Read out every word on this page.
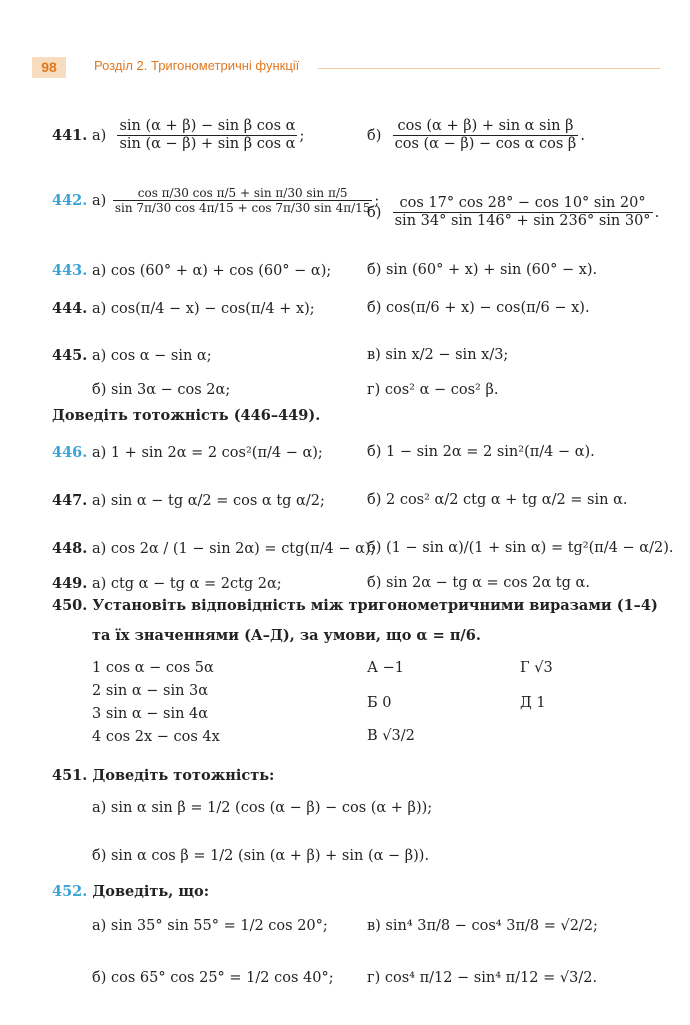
98	Розділ 2. Тригонометричні функції
441. $а) \frac{\text{sin (α + β) − sin β cos α}}{\text{sin (α − β) + sin β cos α}}$ ;	$б) \frac{\text{cos (α + β) + sin α sin β}}{\text{cos (α − β) − cos α cos β}}$ .
442. $а) \frac{\text{cos π/30 cos π/5 + sin π/30 sin π/5}}{\sin 7\pi/30 \cos 4\pi/15 + \cos 7\pi/30 \sin 4\pi/15}$ ;
$б) \frac{\cos 17^\circ \cos 28^\circ - \cos 10^\circ \sin 20^\circ}{\sin 34^\circ \sin 146^\circ + \sin 236^\circ \sin 30^\circ}$ .
443. а) cos (60° + α) + cos (60° − α); б) sin (60° + x) + sin (60° − x).
444. а) cos(π/4 − x) − cos(π/4 + x);	б) cos(π/6 + x) − cos(π/6 − x).
445. а) cos α − sin α;	в) sin x/2 − sin x/3;
б) sin 3α − cos 2α;	г) cos² α − cos² β.
Доведіть тотожність (446–449).
446. а) 1 + sin 2α = 2 cos²(π/4 − α);	б) 1 − sin 2α = 2 sin²(π/4 − α).
447. а) sin α − tg α/2 = cos α tg α/2;	б) 2 cos² α/2 ctg α + tg α/2 = sin α.
448. а) cos 2α / (1 − sin 2α) = ctg(π/4 − α);
б) (1 − sin α)/(1 + sin α) = tg²(π/4 − α/2).
449. а) ctg α − tg α = 2ctg 2α;	б) sin 2α − tg α = cos 2α tg α.
450. Установіть відповідність між тригонометричними виразами (1–4)
та їх значеннями (А–Д), за умови, що α = π/6.
1 cos α − cos 5α
2 sin α − sin 3α
3 sin α − sin 4α
4 cos 2x − cos 4x
А −1
Б 0
В √3/2
Г √3
Д 1
451. Доведіть тотожність:
а) sin α sin β = 1/2 (cos (α − β) − cos (α + β));
б) sin α cos β = 1/2 (sin (α + β) + sin (α − β)).
452. Доведіть, що:
а) sin 35° sin 55° = 1/2 cos 20°;	в) sin⁴ 3π/8 − cos⁴ 3π/8 = √2/2;
б) cos 65° cos 25° = 1/2 cos 40°; г) cos⁴ π/12 − sin⁴ π/12 = √3/2.
